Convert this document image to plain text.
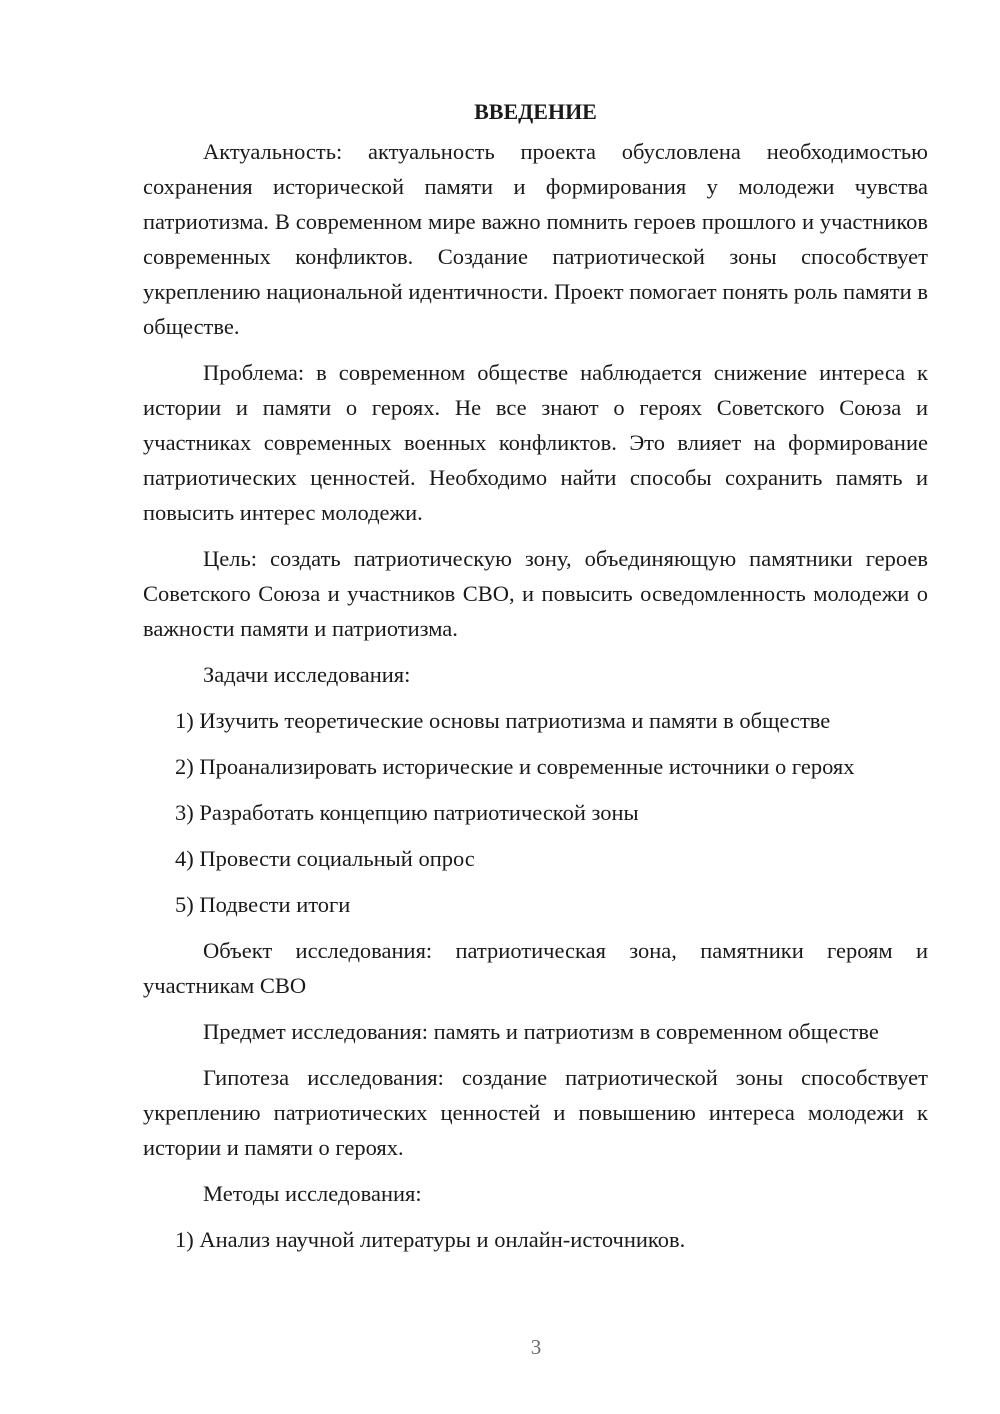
ВВЕДЕНИЕ

Актуальность: актуальность проекта обусловлена необходимостью сохранения исторической памяти и формирования у молодежи чувства патриотизма. В современном мире важно помнить героев прошлого и участников современных конфликтов. Создание патриотической зоны способствует укреплению национальной идентичности. Проект помогает понять роль памяти в обществе.

Проблема: в современном обществе наблюдается снижение интереса к истории и памяти о героях. Не все знают о героях Советского Союза и участниках современных военных конфликтов. Это влияет на формирование патриотических ценностей. Необходимо найти способы сохранить память и повысить интерес молодежи.

Цель: создать патриотическую зону, объединяющую памятники героев Советского Союза и участников СВО, и повысить осведомленность молодежи о важности памяти и патриотизма.

Задачи исследования:

1) Изучить теоретические основы патриотизма и памяти в обществе
2) Проанализировать исторические и современные источники о героях
3) Разработать концепцию патриотической зоны
4) Провести социальный опрос
5) Подвести итоги

Объект исследования: патриотическая зона, памятники героям и участникам СВО

Предмет исследования: память и патриотизм в современном обществе

Гипотеза исследования: создание патриотической зоны способствует укреплению патриотических ценностей и повышению интереса молодежи к истории и памяти о героях.

Методы исследования:

1) Анализ научной литературы и онлайн-источников.
3
